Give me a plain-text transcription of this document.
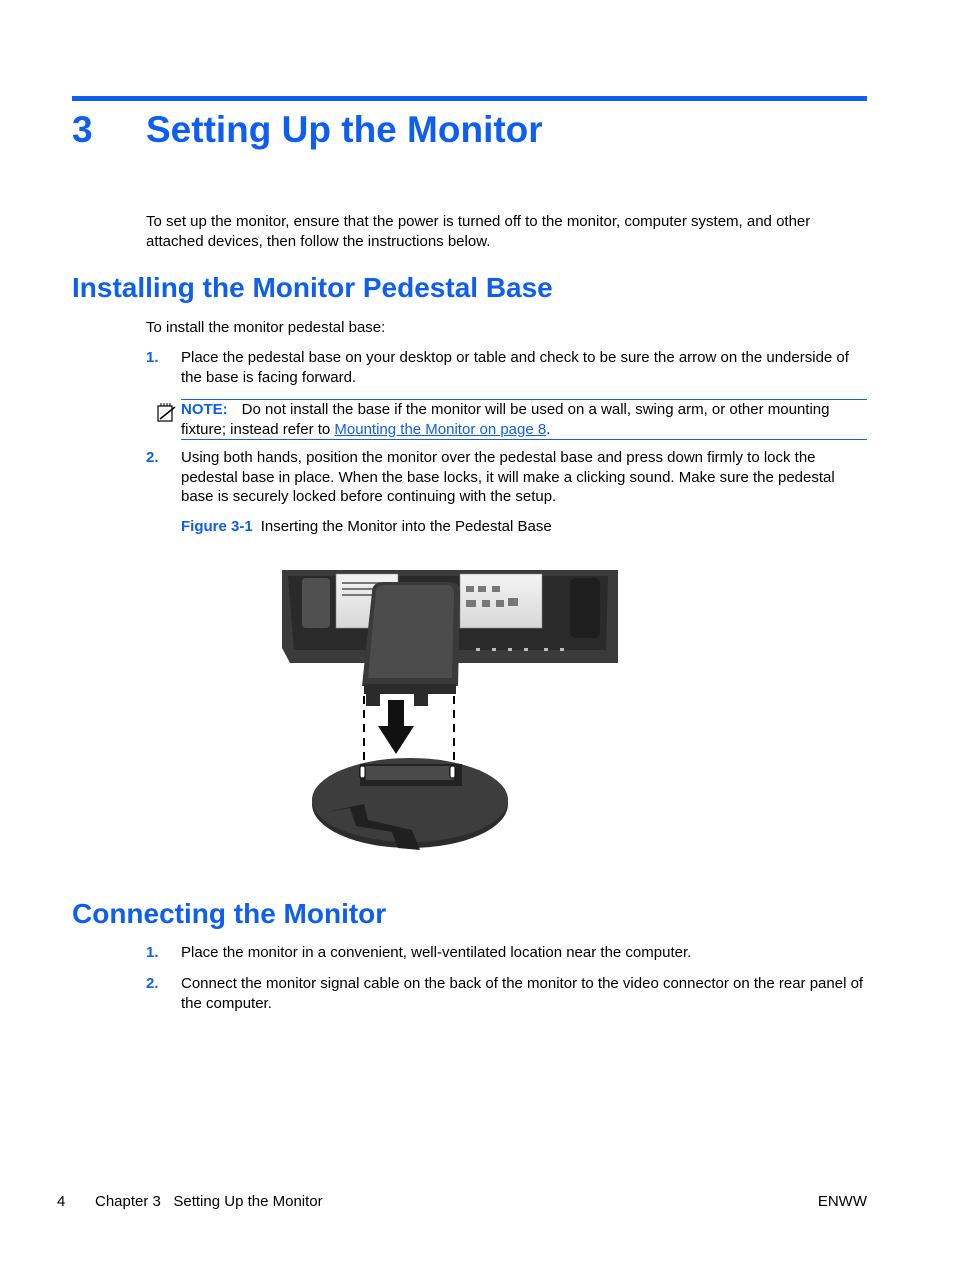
3 Setting Up the Monitor
To set up the monitor, ensure that the power is turned off to the monitor, computer system, and other attached devices, then follow the instructions below.
Installing the Monitor Pedestal Base
To install the monitor pedestal base:
1. Place the pedestal base on your desktop or table and check to be sure the arrow on the underside of the base is facing forward.
NOTE: Do not install the base if the monitor will be used on a wall, swing arm, or other mounting fixture; instead refer to Mounting the Monitor on page 8.
2. Using both hands, position the monitor over the pedestal base and press down firmly to lock the pedestal base in place. When the base locks, it will make a clicking sound. Make sure the pedestal base is securely locked before continuing with the setup.
Figure 3-1 Inserting the Monitor into the Pedestal Base
Connecting the Monitor
1. Place the monitor in a convenient, well-ventilated location near the computer.
2. Connect the monitor signal cable on the back of the monitor to the video connector on the rear panel of the computer.
4 Chapter 3   Setting Up the Monitor	ENWW
